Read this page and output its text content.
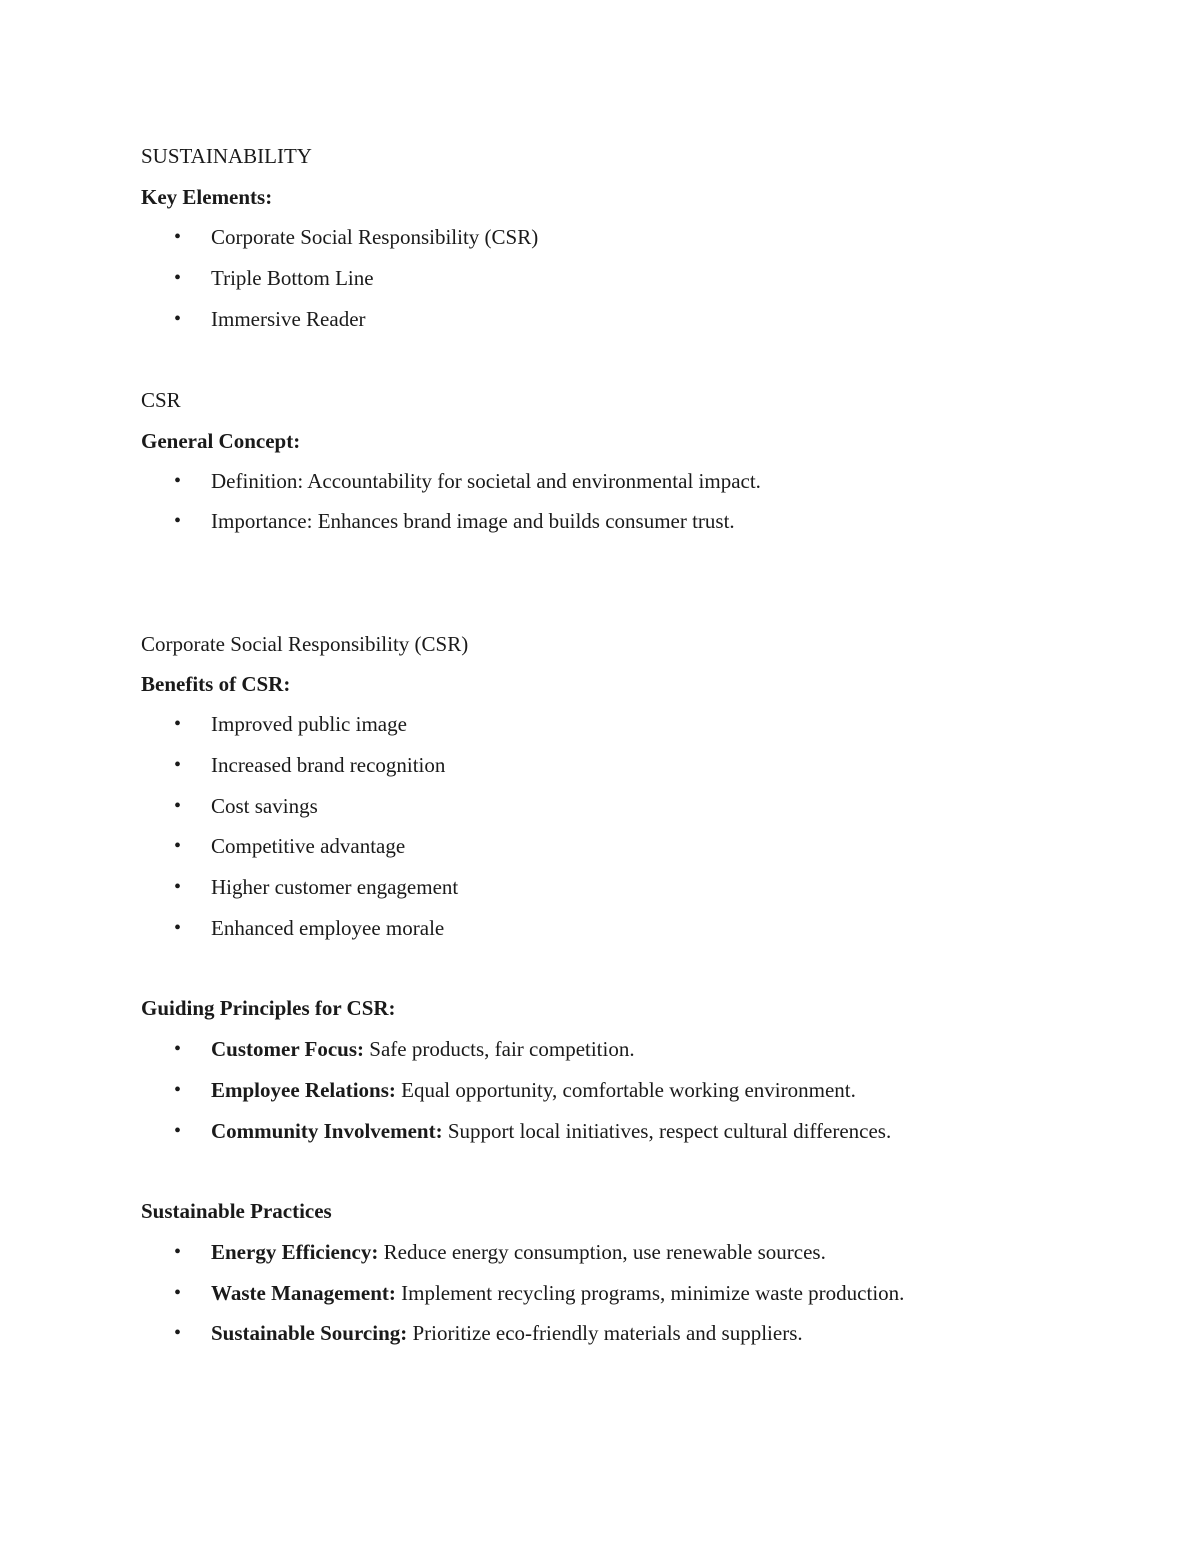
SUSTAINABILITY
Key Elements:
• Corporate Social Responsibility (CSR)
• Triple Bottom Line
• Immersive Reader
CSR
General Concept:
• Definition: Accountability for societal and environmental impact.
• Importance: Enhances brand image and builds consumer trust.
Corporate Social Responsibility (CSR)
Benefits of CSR:
• Improved public image
• Increased brand recognition
• Cost savings
• Competitive advantage
• Higher customer engagement
• Enhanced employee morale
Guiding Principles for CSR:
• Customer Focus: Safe products, fair competition.
• Employee Relations: Equal opportunity, comfortable working environment.
• Community Involvement: Support local initiatives, respect cultural differences.
Sustainable Practices
• Energy Efficiency: Reduce energy consumption, use renewable sources.
• Waste Management: Implement recycling programs, minimize waste production.
• Sustainable Sourcing: Prioritize eco-friendly materials and suppliers.
